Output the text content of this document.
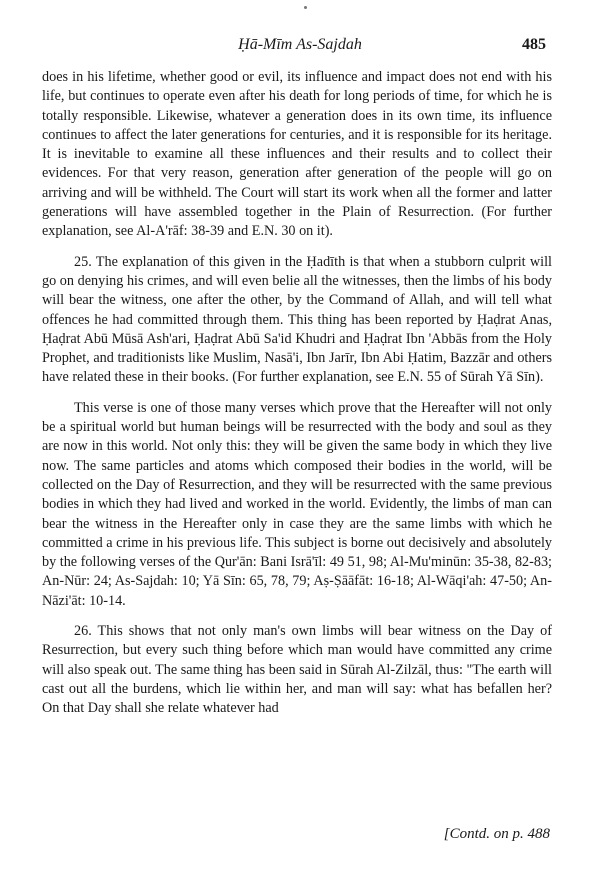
Ḥā-Mīm As-Sajdah	485

does in his lifetime, whether good or evil, its influence and impact does not end with his life, but continues to operate even after his death for long periods of time, for which he is totally responsible. Likewise, whatever a generation does in its own time, its influence continues to affect the later generations for centuries, and it is responsible for its heritage. It is inevitable to examine all these influences and their results and to collect their evidences. For that very reason, generation after generation of the people will go on arriving and will be withheld. The Court will start its work when all the former and latter generations will have assembled together in the Plain of Resurrection. (For further explanation, see Al-A'rāf: 38-39 and E.N. 30 on it).

25. The explanation of this given in the Ḥadīth is that when a stubborn culprit will go on denying his crimes, and will even belie all the witnesses, then the limbs of his body will bear the witness, one after the other, by the Command of Allah, and will tell what offences he had committed through them. This thing has been reported by Ḥaḍrat Anas, Ḥaḍrat Abū Mūsā Ash'ari, Ḥaḍrat Abū Sa'id Khudri and Ḥaḍrat Ibn 'Abbās from the Holy Prophet, and traditionists like Muslim, Nasā'i, Ibn Jarīr, Ibn Abi Ḥatim, Bazzār and others have related these in their books. (For further explanation, see E.N. 55 of Sūrah Yā Sīn).

This verse is one of those many verses which prove that the Hereafter will not only be a spiritual world but human beings will be resurrected with the body and soul as they are now in this world. Not only this: they will be given the same body in which they live now. The same particles and atoms which composed their bodies in the world, will be collected on the Day of Resurrection, and they will be resurrected with the same previous bodies in which they had lived and worked in the world. Evidently, the limbs of man can bear the witness in the Hereafter only in case they are the same limbs with which he committed a crime in his previous life. This subject is borne out decisively and absolutely by the following verses of the Qur'ān: Bani Isrā'īl: 49 51, 98; Al-Mu'minūn: 35-38, 82-83; An-Nūr: 24; As-Sajdah: 10; Yā Sīn: 65, 78, 79; Aṣ-Ṣāāfāt: 16-18; Al-Wāqi'ah: 47-50; An-Nāzi'āt: 10-14.

26. This shows that not only man's own limbs will bear witness on the Day of Resurrection, but every such thing before which man would have committed any crime will also speak out. The same thing has been said in Sūrah Al-Zilzāl, thus: "The earth will cast out all the burdens, which lie within her, and man will say: what has befallen her? On that Day shall she relate whatever had

[Contd. on p. 488
